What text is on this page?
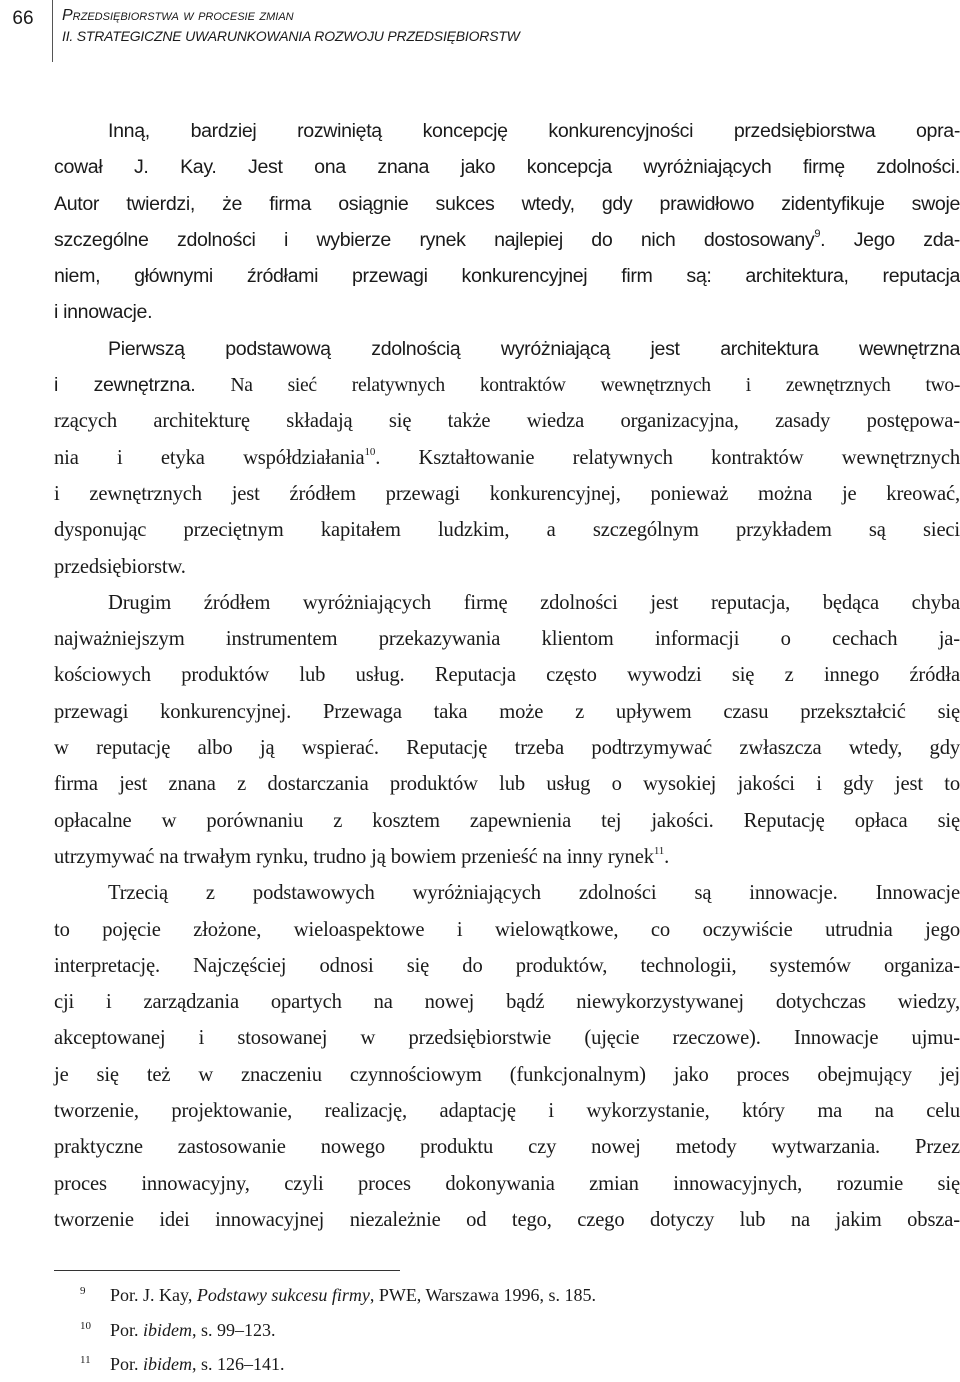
66	Przedsiębiorstwa w procesie zmian
II. STRATEGICZNE UWARUNKOWANIA ROZWOJU PRZEDSIĘBIORSTW
Inną, bardziej rozwiniętą koncepcję konkurencyjności przedsiębiorstwa opra-
cował J. Kay. Jest ona znana jako koncepcja wyróżniających firmę zdolności.
Autor twierdzi, że firma osiągnie sukces wtedy, gdy prawidłowo zidentyfikuje swoje
szczególne zdolności i wybierze rynek najlepiej do nich dostosowany$^9$. Jego zda-
niem, głównymi źródłami przewagi konkurencyjnej firm są: architektura, reputacja
i innowacje.
Pierwszą podstawową zdolnością wyróżniającą jest architektura wewnętrzna
i zewnętrzna. Na sieć relatywnych kontraktów wewnętrznych i zewnętrznych two-
rzących architekturę składają się także wiedza organizacyjna, zasady postępowa-
nia i etyka współdziałania$^{10}$. Kształtowanie relatywnych kontraktów wewnętrznych
i zewnętrznych jest źródłem przewagi konkurencyjnej, ponieważ można je kreować,
dysponując przeciętnym kapitałem ludzkim, a szczególnym przykładem są sieci
przedsiębiorstw.
Drugim źródłem wyróżniających firmę zdolności jest reputacja, będąca chyba
najważniejszym instrumentem przekazywania klientom informacji o cechach ja-
kościowych produktów lub usług. Reputacja często wywodzi się z innego źródła
przewagi konkurencyjnej. Przewaga taka może z upływem czasu przekształcić się
w reputację albo ją wspierać. Reputację trzeba podtrzymywać zwłaszcza wtedy, gdy
firma jest znana z dostarczania produktów lub usług o wysokiej jakości i gdy jest to
opłacalne w porównaniu z kosztem zapewnienia tej jakości. Reputację opłaca się
utrzymywać na trwałym rynku, trudno ją bowiem przenieść na inny rynek$^{11}$.
Trzecią z podstawowych wyróżniających zdolności są innowacje. Innowacje
to pojęcie złożone, wieloaspektowe i wielowątkowe, co oczywiście utrudnia jego
interpretację. Najczęściej odnosi się do produktów, technologii, systemów organiza-
cji i zarządzania opartych na nowej bądź niewykorzystywanej dotychczas wiedzy,
akceptowanej i stosowanej w przedsiębiorstwie (ujęcie rzeczowe). Innowacje ujmu-
je się też w znaczeniu czynnościowym (funkcjonalnym) jako proces obejmujący jej
tworzenie, projektowanie, realizację, adaptację i wykorzystanie, który ma na celu
praktyczne zastosowanie nowego produktu czy nowej metody wytwarzania. Przez
proces innowacyjny, czyli proces dokonywania zmian innowacyjnych, rozumie się
tworzenie idei innowacyjnej niezależnie od tego, czego dotyczy lub na jakim obsza-
9 Por. J. Kay, Podstawy sukcesu firmy, PWE, Warszawa 1996, s. 185.
10 Por. ibidem, s. 99–123.
11 Por. ibidem, s. 126–141.
